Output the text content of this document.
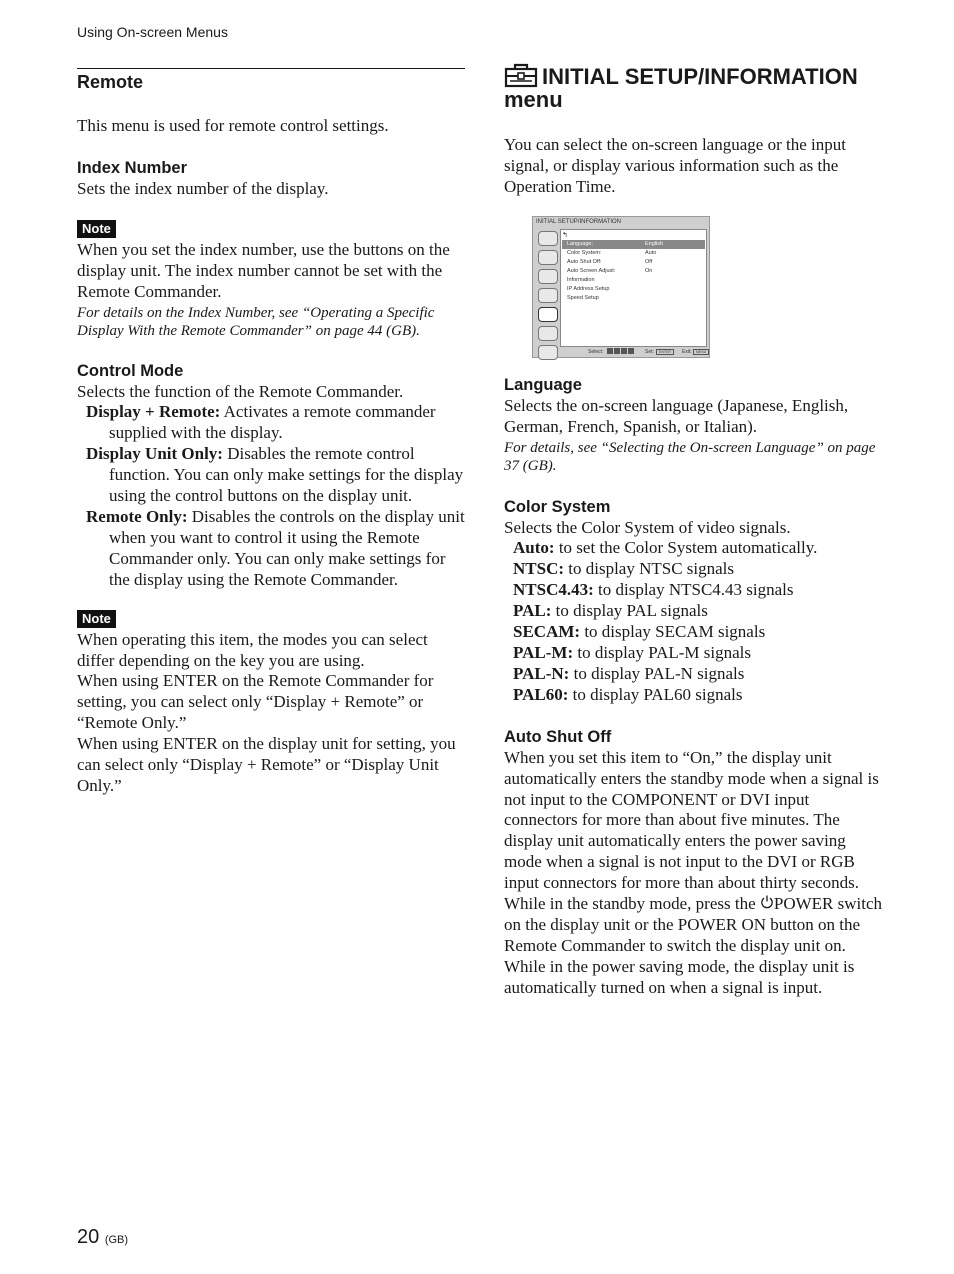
Using On-screen Menus
Remote

This menu is used for remote control settings.

Index Number

Sets the index number of the display.

Note

When you set the index number, use the buttons on the display unit. The index number cannot be set with the Remote Commander.

For details on the Index Number, see “Operating a Specific Display With the Remote Commander” on page 44 (GB).

Control Mode

Selects the function of the Remote Commander.

Display + Remote: Activates a remote commander supplied with the display.

Display Unit Only: Disables the remote control function. You can only make settings for the display using the control buttons on the display unit.

Remote Only: Disables the controls on the display unit when you want to control it using the Remote Commander only. You can only make settings for the display using the Remote Commander.

Note

When operating this item, the modes you can select differ depending on the key you are using.

When using ENTER on the Remote Commander for setting, you can select only “Display + Remote” or “Remote Only.”

When using ENTER on the display unit for setting, you can select only “Display + Remote” or “Display Unit Only.”

INITIAL SETUP/INFORMATION
menu

You can select the on-screen language or the input signal, or display various information such as the Operation Time.

INITIAL SETUP/INFORMATION
↰
Language:	English
Color System:	Auto
Auto Shut Off:	Off
Auto Screen Adjust:	On
Information
IP Address Setup
Speed Setup
Select:	Set:	ENTER	Exit:	MENU
Language

Selects the on-screen language (Japanese, English, German, French, Spanish, or Italian).

For details, see “Selecting the On-screen Language” on page 37 (GB).

Color System

Selects the Color System of video signals.

Auto: to set the Color System automatically.

NTSC: to display NTSC signals

NTSC4.43: to display NTSC4.43 signals

PAL: to display PAL signals

SECAM: to display SECAM signals

PAL-M: to display PAL-M signals

PAL-N: to display PAL-N signals

PAL60: to display PAL60 signals

Auto Shut Off

When you set this item to “On,” the display unit automatically enters the standby mode when a signal is not input to the COMPONENT or DVI input connectors for more than about five minutes. The display unit automatically enters the power saving mode when a signal is not input to the DVI or RGB input connectors for more than about thirty seconds. While in the standby mode, press the POWER switch on the display unit or the POWER ON button on the Remote Commander to switch the display unit on. While in the power saving mode, the display unit is automatically turned on when a signal is input.

20 (GB)
